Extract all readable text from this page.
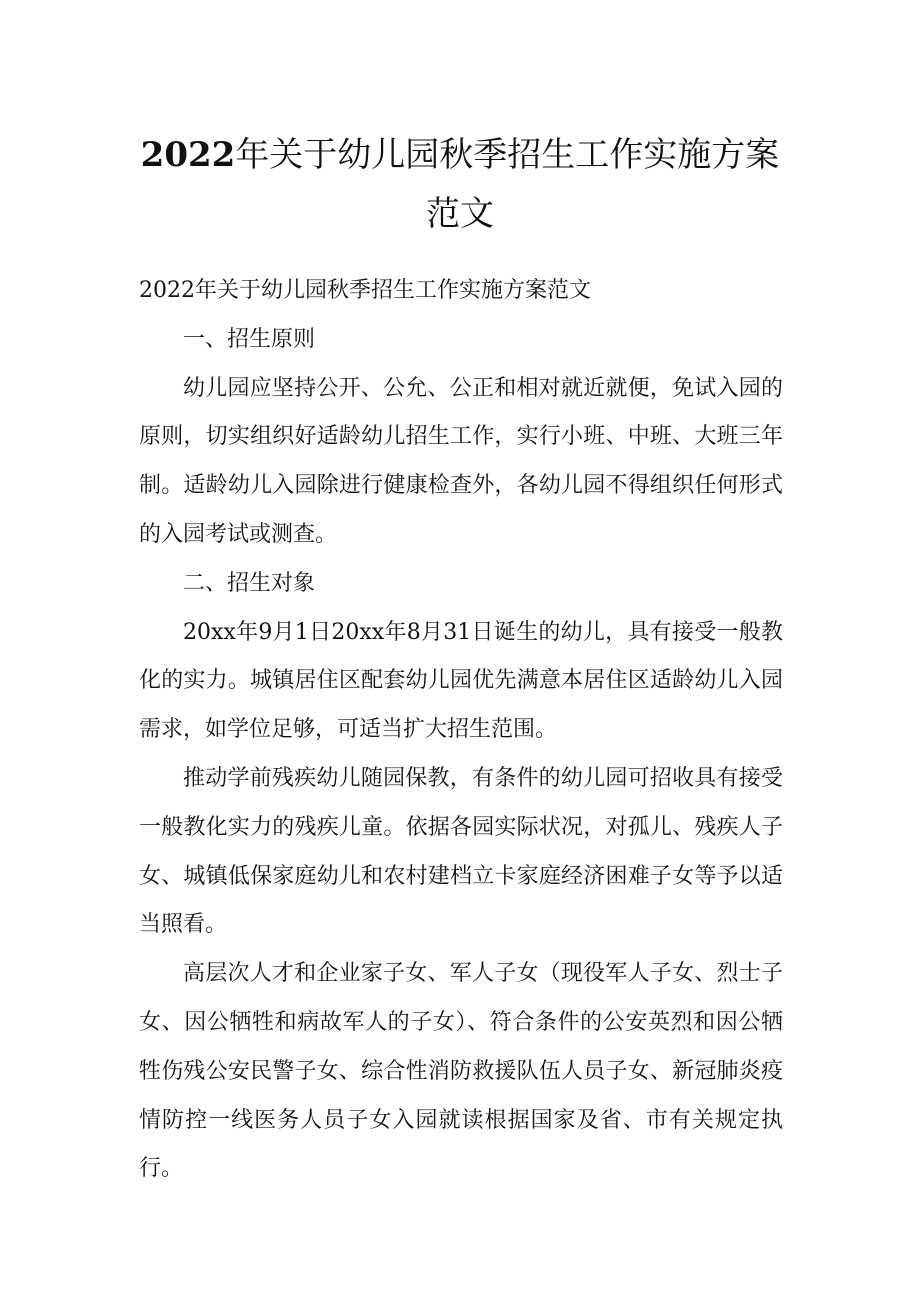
2022年关于幼儿园秋季招生工作实施方案
范文

2022年关于幼儿园秋季招生工作实施方案范文

一、招生原则

幼儿园应坚持公开、公允、公正和相对就近就便，免试入园的原则，切实组织好适龄幼儿招生工作，实行小班、中班、大班三年制。适龄幼儿入园除进行健康检查外，各幼儿园不得组织任何形式的入园考试或测查。

二、招生对象

20xx年9月1日20xx年8月31日诞生的幼儿，具有接受一般教化的实力。城镇居住区配套幼儿园优先满意本居住区适龄幼儿入园需求，如学位足够，可适当扩大招生范围。

推动学前残疾幼儿随园保教，有条件的幼儿园可招收具有接受一般教化实力的残疾儿童。依据各园实际状况，对孤儿、残疾人子女、城镇低保家庭幼儿和农村建档立卡家庭经济困难子女等予以适当照看。

高层次人才和企业家子女、军人子女（现役军人子女、烈士子女、因公牺牲和病故军人的子女）、符合条件的公安英烈和因公牺牲伤残公安民警子女、综合性消防救援队伍人员子女、新冠肺炎疫情防控一线医务人员子女入园就读根据国家及省、市有关规定执行。
